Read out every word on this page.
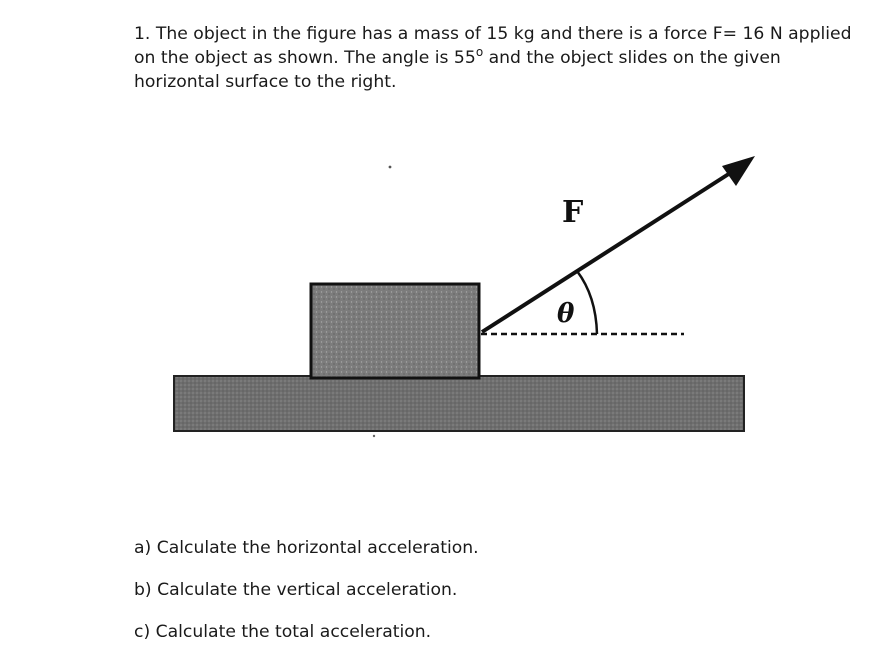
1. The object in the figure has a mass of 15 kg and there is a force F= 16 N applied on the object as shown. The angle is 55$^o$ and the object slides on the given horizontal surface to the right.

F
θ

a) Calculate the horizontal acceleration.

b) Calculate the vertical acceleration.

c) Calculate the total acceleration.
